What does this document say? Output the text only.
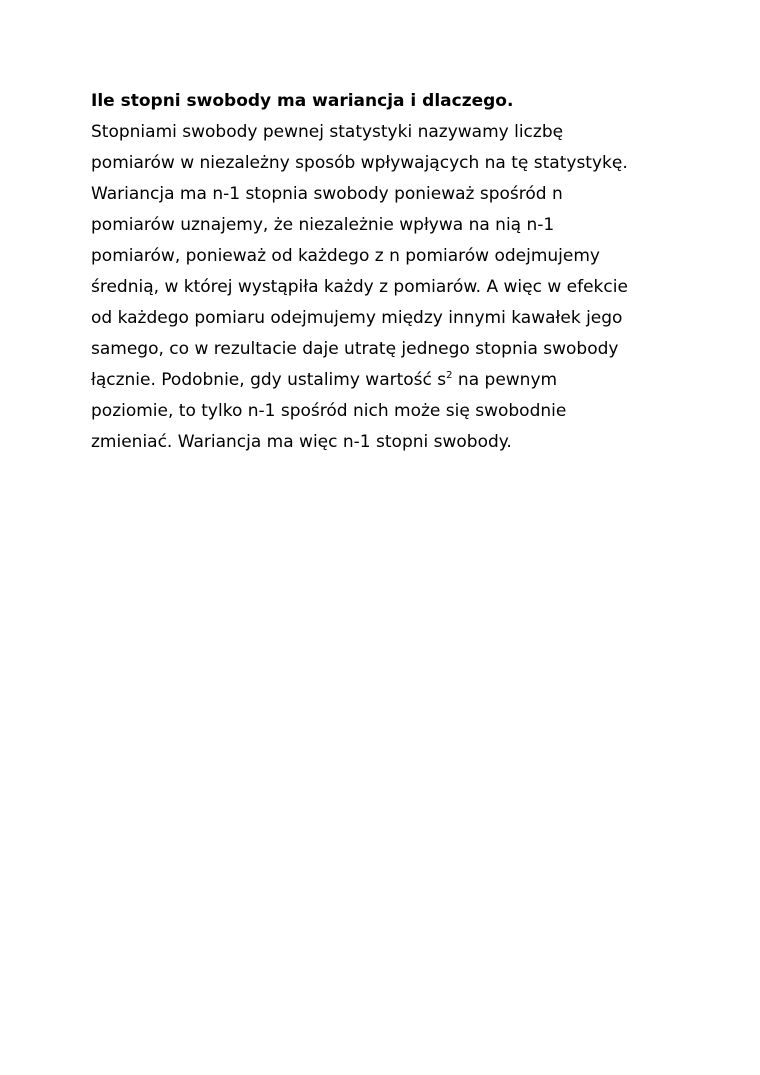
Ile stopni swobody ma wariancja i dlaczego.

Stopniami swobody pewnej statystyki nazywamy liczbę
pomiarów w niezależny sposób wpływających na tę statystykę.
Wariancja ma n-1 stopnia swobody ponieważ spośród n
pomiarów uznajemy, że niezależnie wpływa na nią n-1
pomiarów, ponieważ od każdego z n pomiarów odejmujemy
średnią, w której wystąpiła każdy z pomiarów. A więc w efekcie
od każdego pomiaru odejmujemy między innymi kawałek jego
samego, co w rezultacie daje utratę jednego stopnia swobody
łącznie. Podobnie, gdy ustalimy wartość $s^2$ na pewnym
poziomie, to tylko n-1 spośród nich może się swobodnie
zmieniać. Wariancja ma więc n-1 stopni swobody.
